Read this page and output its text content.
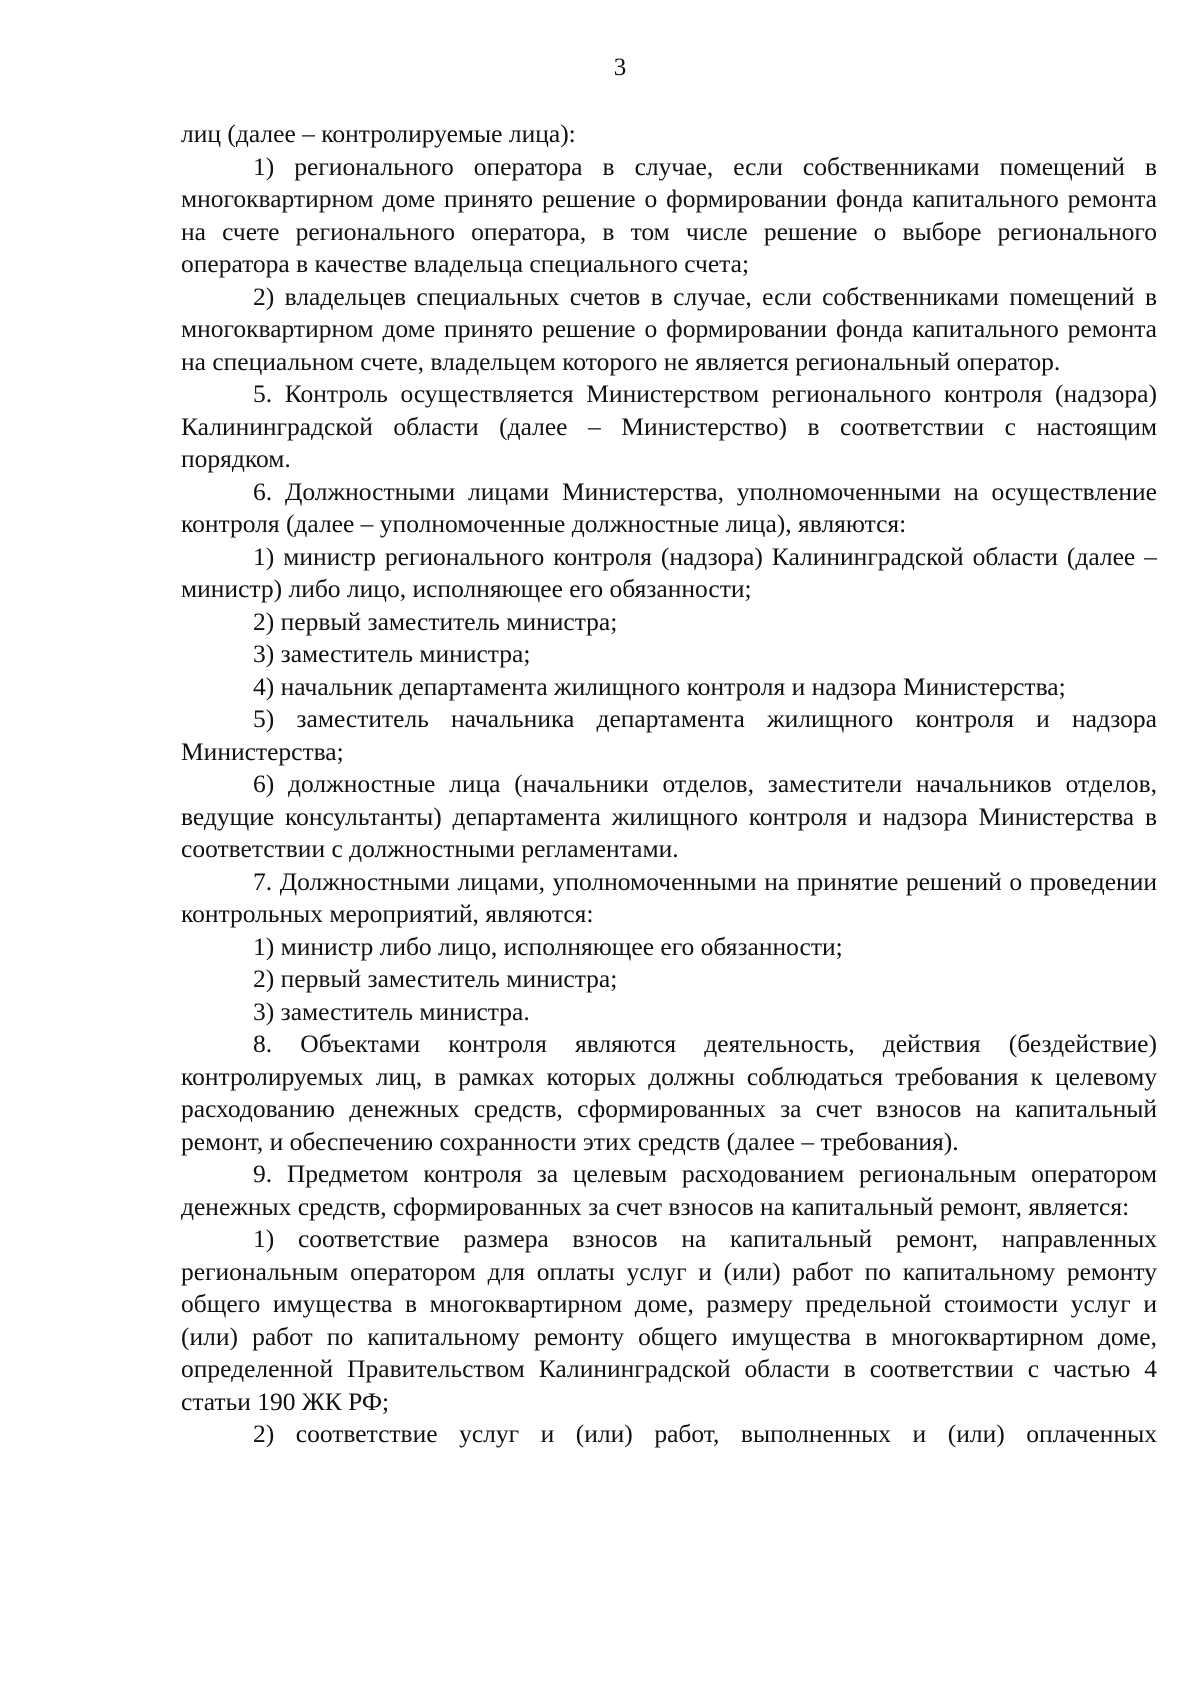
3

лиц (далее – контролируемые лица):

1) регионального оператора в случае, если собственниками помещений в многоквартирном доме принято решение о формировании фонда капитального ремонта на счете регионального оператора, в том числе решение о выборе регионального оператора в качестве владельца специального счета;

2) владельцев специальных счетов в случае, если собственниками помещений в многоквартирном доме принято решение о формировании фонда капитального ремонта на специальном счете, владельцем которого не является региональный оператор.

5. Контроль осуществляется Министерством регионального контроля (надзора) Калининградской области (далее – Министерство) в соответствии с настоящим порядком.

6. Должностными лицами Министерства, уполномоченными на осуществление контроля (далее – уполномоченные должностные лица), являются:

1) министр регионального контроля (надзора) Калининградской области (далее – министр) либо лицо, исполняющее его обязанности;

2) первый заместитель министра;

3) заместитель министра;

4) начальник департамента жилищного контроля и надзора Министерства;

5) заместитель начальника департамента жилищного контроля и надзора Министерства;

6) должностные лица (начальники отделов, заместители начальников отделов, ведущие консультанты) департамента жилищного контроля и надзора Министерства в соответствии с должностными регламентами.

7. Должностными лицами, уполномоченными на принятие решений о проведении контрольных мероприятий, являются:

1) министр либо лицо, исполняющее его обязанности;

2) первый заместитель министра;

3) заместитель министра.

8. Объектами контроля являются деятельность, действия (бездействие) контролируемых лиц, в рамках которых должны соблюдаться требования к целевому расходованию денежных средств, сформированных за счет взносов на капитальный ремонт, и обеспечению сохранности этих средств (далее – требования).

9. Предметом контроля за целевым расходованием региональным оператором денежных средств, сформированных за счет взносов на капитальный ремонт, является:

1) соответствие размера взносов на капитальный ремонт, направленных региональным оператором для оплаты услуг и (или) работ по капитальному ремонту общего имущества в многоквартирном доме, размеру предельной стоимости услуг и (или) работ по капитальному ремонту общего имущества в многоквартирном доме, определенной Правительством Калининградской области в соответствии с частью 4 статьи 190 ЖК РФ;

2) соответствие услуг и (или) работ, выполненных и (или) оплаченных
